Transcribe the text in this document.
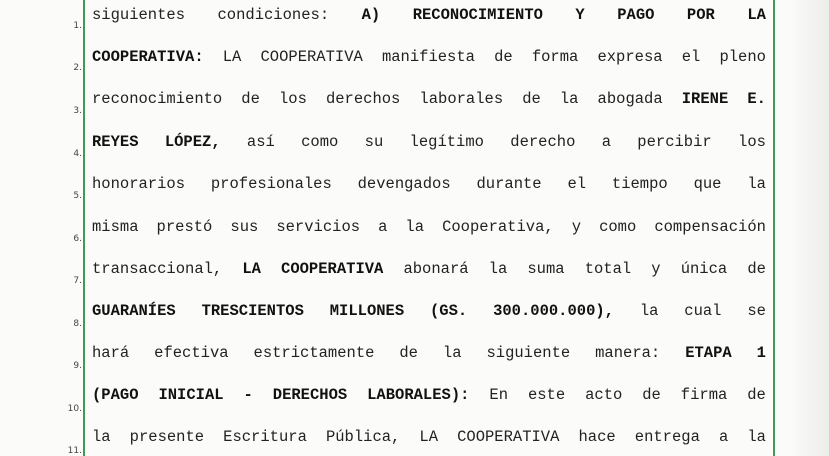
1.
2.
3.
4.
5.
6.
7.
8.
9.
10.
11.
siguientes condiciones: A) RECONOCIMIENTO Y PAGO POR LA
COOPERATIVA: LA COOPERATIVA manifiesta de forma expresa el pleno
reconocimiento de los derechos laborales de la abogada IRENE E.
REYES LÓPEZ, así como su legítimo derecho a percibir los
honorarios profesionales devengados durante el tiempo que la
misma prestó sus servicios a la Cooperativa, y como compensación
transaccional, LA COOPERATIVA abonará la suma total y única de
GUARANÍES TRESCIENTOS MILLONES (GS. 300.000.000), la cual se
hará efectiva estrictamente de la siguiente manera: ETAPA 1
(PAGO INICIAL - DERECHOS LABORALES): En este acto de firma de
la presente Escritura Pública, LA COOPERATIVA hace entrega a la
